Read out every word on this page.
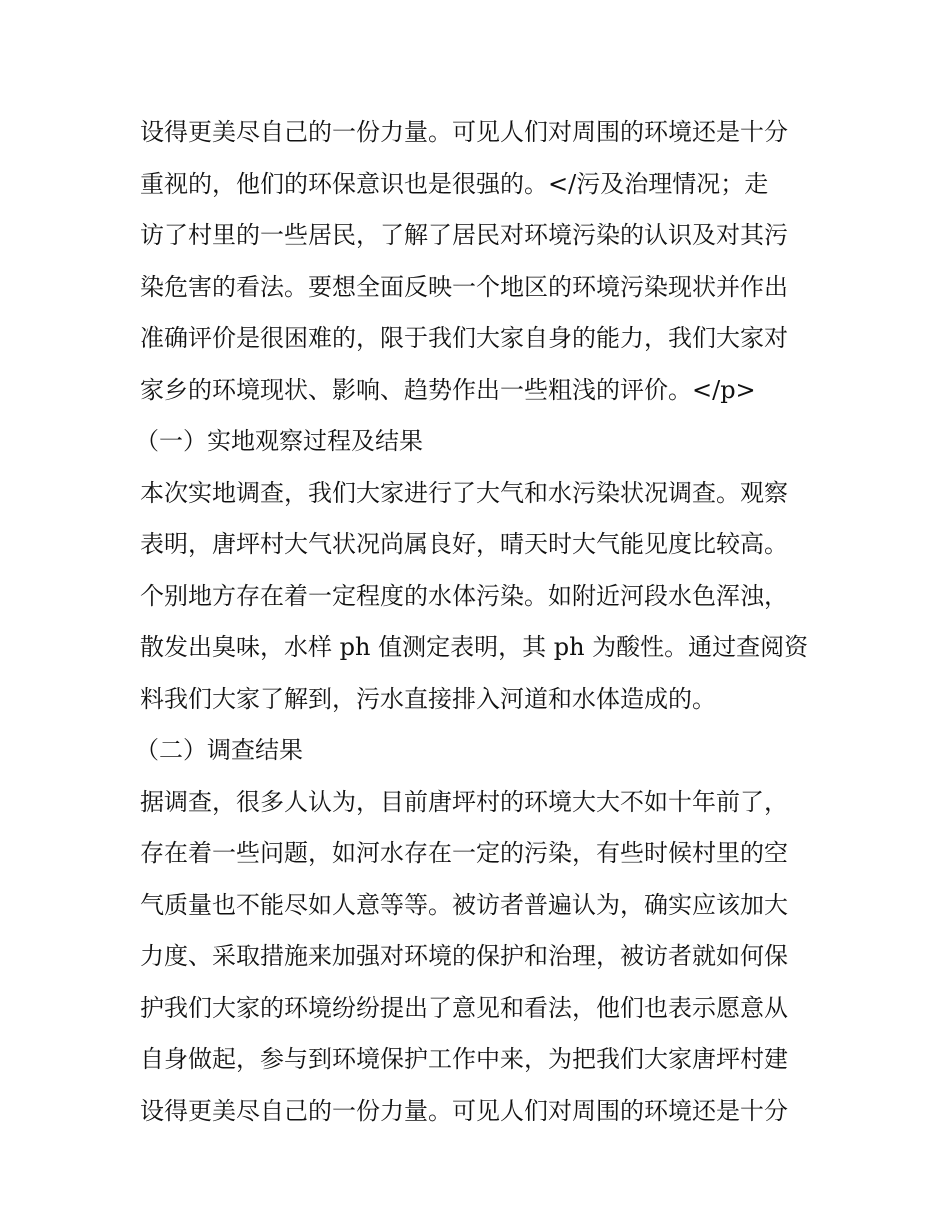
设得更美尽自己的一份力量。可见人们对周围的环境还是十分
重视的，他们的环保意识也是很强的。</污及治理情况；走
访了村里的一些居民，了解了居民对环境污染的认识及对其污
染危害的看法。要想全面反映一个地区的环境污染现状并作出
准确评价是很困难的，限于我们大家自身的能力，我们大家对
家乡的环境现状、影响、趋势作出一些粗浅的评价。</p>
（一）实地观察过程及结果
本次实地调查，我们大家进行了大气和水污染状况调查。观察
表明，唐坪村大气状况尚属良好，晴天时大气能见度比较高。
个别地方存在着一定程度的水体污染。如附近河段水色浑浊，
散发出臭味，水样 ph 值测定表明，其 ph 为酸性。通过查阅资
料我们大家了解到，污水直接排入河道和水体造成的。
（二）调查结果
据调查，很多人认为，目前唐坪村的环境大大不如十年前了，
存在着一些问题，如河水存在一定的污染，有些时候村里的空
气质量也不能尽如人意等等。被访者普遍认为，确实应该加大
力度、采取措施来加强对环境的保护和治理，被访者就如何保
护我们大家的环境纷纷提出了意见和看法，他们也表示愿意从
自身做起，参与到环境保护工作中来，为把我们大家唐坪村建
设得更美尽自己的一份力量。可见人们对周围的环境还是十分
